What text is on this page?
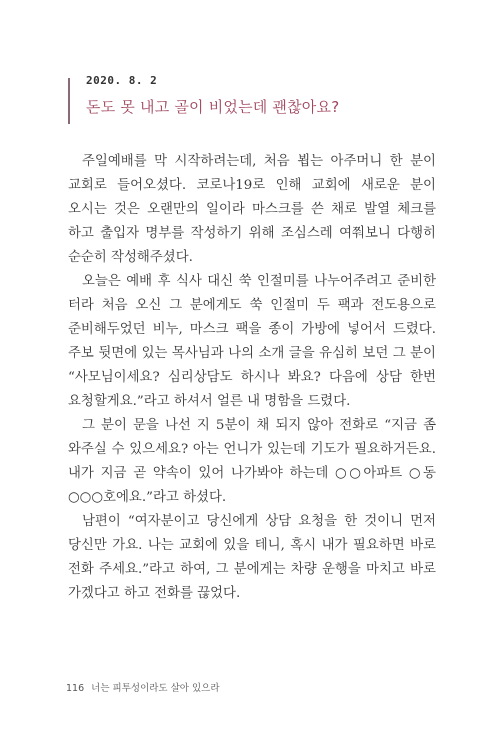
2020. 8. 2
돈도 못 내고 골이 비었는데 괜찮아요?

주일예배를 막 시작하려는데, 처음 뵙는 아주머니 한 분이 교회로 들어오셨다. 코로나19로 인해 교회에 새로운 분이 오시는 것은 오랜만의 일이라 마스크를 쓴 채로 발열 체크를 하고 출입자 명부를 작성하기 위해 조심스레 여쭤보니 다행히 순순히 작성해주셨다.

오늘은 예배 후 식사 대신 쑥 인절미를 나누어주려고 준비한 터라 처음 오신 그 분에게도 쑥 인절미 두 팩과 전도용으로 준비해두었던 비누, 마스크 팩을 종이 가방에 넣어서 드렸다. 주보 뒷면에 있는 목사님과 나의 소개 글을 유심히 보던 그 분이 “사모님이세요? 심리상담도 하시나 봐요? 다음에 상담 한번 요청할게요.”라고 하셔서 얼른 내 명함을 드렸다.

그 분이 문을 나선 지 5분이 채 되지 않아 전화로 “지금 좀 와주실 수 있으세요? 아는 언니가 있는데 기도가 필요하거든요. 내가 지금 곧 약속이 있어 나가봐야 하는데 ○○아파트 ○동 ○○○호에요.”라고 하셨다.

남편이 “여자분이고 당신에게 상담 요청을 한 것이니 먼저 당신만 가요. 나는 교회에 있을 테니, 혹시 내가 필요하면 바로 전화 주세요.”라고 하여, 그 분에게는 차량 운행을 마치고 바로 가겠다고 하고 전화를 끊었다.

116 너는 피투성이라도 살아 있으라
